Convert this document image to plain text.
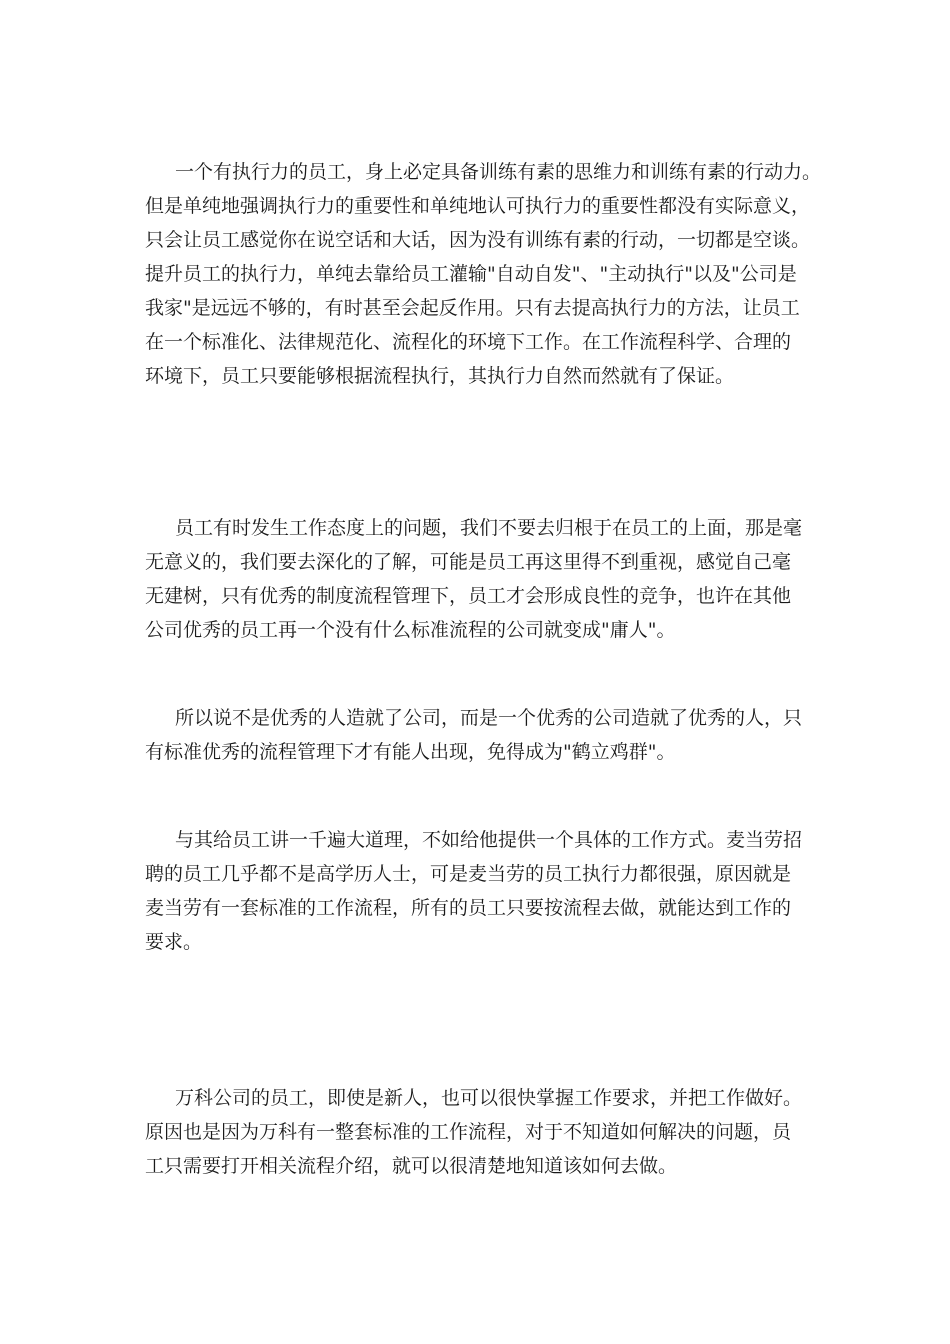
一个有执行力的员工，身上必定具备训练有素的思维力和训练有素的行动力。
但是单纯地强调执行力的重要性和单纯地认可执行力的重要性都没有实际意义，
只会让员工感觉你在说空话和大话，因为没有训练有素的行动，一切都是空谈。
提升员工的执行力，单纯去靠给员工灌输"自动自发"、"主动执行"以及"公司是
我家"是远远不够的，有时甚至会起反作用。只有去提高执行力的方法，让员工
在一个标准化、法律规范化、流程化的环境下工作。在工作流程科学、合理的
环境下，员工只要能够根据流程执行，其执行力自然而然就有了保证。
员工有时发生工作态度上的问题，我们不要去归根于在员工的上面，那是毫
无意义的，我们要去深化的了解，可能是员工再这里得不到重视，感觉自己毫
无建树，只有优秀的制度流程管理下，员工才会形成良性的竞争，也许在其他
公司优秀的员工再一个没有什么标准流程的公司就变成"庸人"。
所以说不是优秀的人造就了公司，而是一个优秀的公司造就了优秀的人，只
有标准优秀的流程管理下才有能人出现，免得成为"鹤立鸡群"。
与其给员工讲一千遍大道理，不如给他提供一个具体的工作方式。麦当劳招
聘的员工几乎都不是高学历人士，可是麦当劳的员工执行力都很强，原因就是
麦当劳有一套标准的工作流程，所有的员工只要按流程去做，就能达到工作的
要求。
万科公司的员工，即使是新人，也可以很快掌握工作要求，并把工作做好。
原因也是因为万科有一整套标准的工作流程，对于不知道如何解决的问题，员
工只需要打开相关流程介绍，就可以很清楚地知道该如何去做。
